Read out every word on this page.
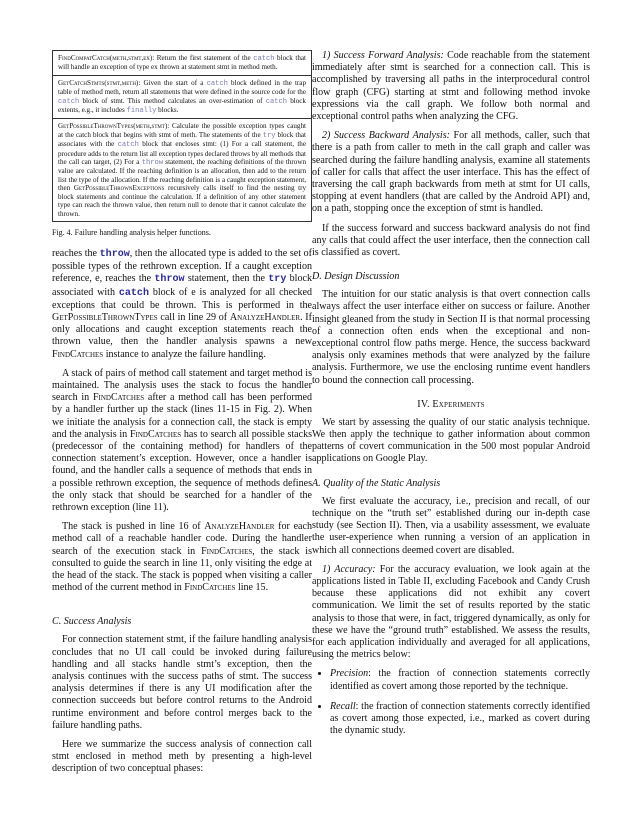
FindCompatCatch(meth,stmt,ex): Return the first statement of the catch block that will handle an exception of type ex thrown at statement stmt in method meth.
GetCatchStmts(stmt,meth): Given the start of a catch block defined in the trap table of method meth, return all statements that were defined in the source code for the catch block of stmt. This method calculates an over-estimation of catch block extents, e.g., it includes finally blocks.
GetPossibleThrownTypes(meth,stmt): Calculate the possible exception types caught at the catch block that begins with stmt of meth. The statements of the try block that associates with the catch block that encloses stmt: (1) For a call statement, the procedure adds to the return list all exception types declared throws by all methods that the call can target, (2) For a throw statement, the reaching definitions of the thrown value are calculated. If the reaching definition is an allocation, then add to the return list the type of the allocation. If the reaching definition is a caught exception statement, then GetPossibleThrownExceptions recursively calls itself to find the nesting try block statements and continue the calculation. If a definition of any other statement type can reach the thrown value, then return null to denote that it cannot calculate the thrown.
Fig. 4. Failure handling analysis helper functions.

reaches the throw, then the allocated type is added to the set of possible types of the rethrown exception. If a caught exception reference, e, reaches the throw statement, then the try block associated with catch block of e is analyzed for all checked exceptions that could be thrown. This is performed in the GetPossibleThrownTypes call in line 29 of AnalyzeHandler. If only allocations and caught exception statements reach the thrown value, then the handler analysis spawns a new FindCatches instance to analyze the failure handling.

A stack of pairs of method call statement and target method is maintained. The analysis uses the stack to focus the handler search in FindCatches after a method call has been performed by a handler further up the stack (lines 11-15 in Fig. 2). When we initiate the analysis for a connection call, the stack is empty and the analysis in FindCatches has to search all possible stacks (predecessor of the containing method) for handlers of the connection statement’s exception. However, once a handler is found, and the handler calls a sequence of methods that ends in a possible rethrown exception, the sequence of methods defines the only stack that should be searched for a handler of the rethrown exception (line 11).

The stack is pushed in line 16 of AnalyzeHandler for each method call of a reachable handler code. During the handler search of the execution stack in FindCatches, the stack is consulted to guide the search in line 11, only visiting the edge at the head of the stack. The stack is popped when visiting a caller method of the current method in FindCatches line 15.

C. Success Analysis

For connection statement stmt, if the failure handling analysis concludes that no UI call could be invoked during failure handling and all stacks handle stmt’s exception, then the analysis continues with the success paths of stmt. The success analysis determines if there is any UI modification after the connection succeeds but before control returns to the Android runtime environment and before control merges back to the failure handling paths.

Here we summarize the success analysis of connection call stmt enclosed in method meth by presenting a high-level description of two conceptual phases:

1) Success Forward Analysis: Code reachable from the statement immediately after stmt is searched for a connection call. This is accomplished by traversing all paths in the interprocedural control flow graph (CFG) starting at stmt and following method invoke expressions via the call graph. We follow both normal and exceptional control paths when analyzing the CFG.

2) Success Backward Analysis: For all methods, caller, such that there is a path from caller to meth in the call graph and caller was searched during the failure handling analysis, examine all statements of caller for calls that affect the user interface. This has the effect of traversing the call graph backwards from meth at stmt for UI calls, stopping at event handlers (that are called by the Android API) and, on a path, stopping once the exception of stmt is handled.

If the success forward and success backward analysis do not find any calls that could affect the user interface, then the connection call is classified as covert.

D. Design Discussion

The intuition for our static analysis is that overt connection calls always affect the user interface either on success or failure. Another insight gleaned from the study in Section II is that normal processing of a connection often ends when the exceptional and non-exceptional control flow paths merge. Hence, the success backward analysis only examines methods that were analyzed by the failure analysis. Furthermore, we use the enclosing runtime event handlers to bound the connection call processing.

IV. Experiments

We start by assessing the quality of our static analysis technique. We then apply the technique to gather information about common patterns of covert communication in the 500 most popular Android applications on Google Play.

A. Quality of the Static Analysis

We first evaluate the accuracy, i.e., precision and recall, of our technique on the “truth set” established during our in-depth case study (see Section II). Then, via a usability assessment, we evaluate the user-experience when running a version of an application in which all connections deemed covert are disabled.

1) Accuracy: For the accuracy evaluation, we look again at the applications listed in Table II, excluding Facebook and Candy Crush because these applications did not exhibit any covert communication. We limit the set of results reported by the static analysis to those that were, in fact, triggered dynamically, as only for these we have the “ground truth” established. We assess the results, for each application individually and averaged for all applications, using the metrics below:

• Precision: the fraction of connection statements correctly identified as covert among those reported by the technique.
• Recall: the fraction of connection statements correctly identified as covert among those expected, i.e., marked as covert during the dynamic study.
